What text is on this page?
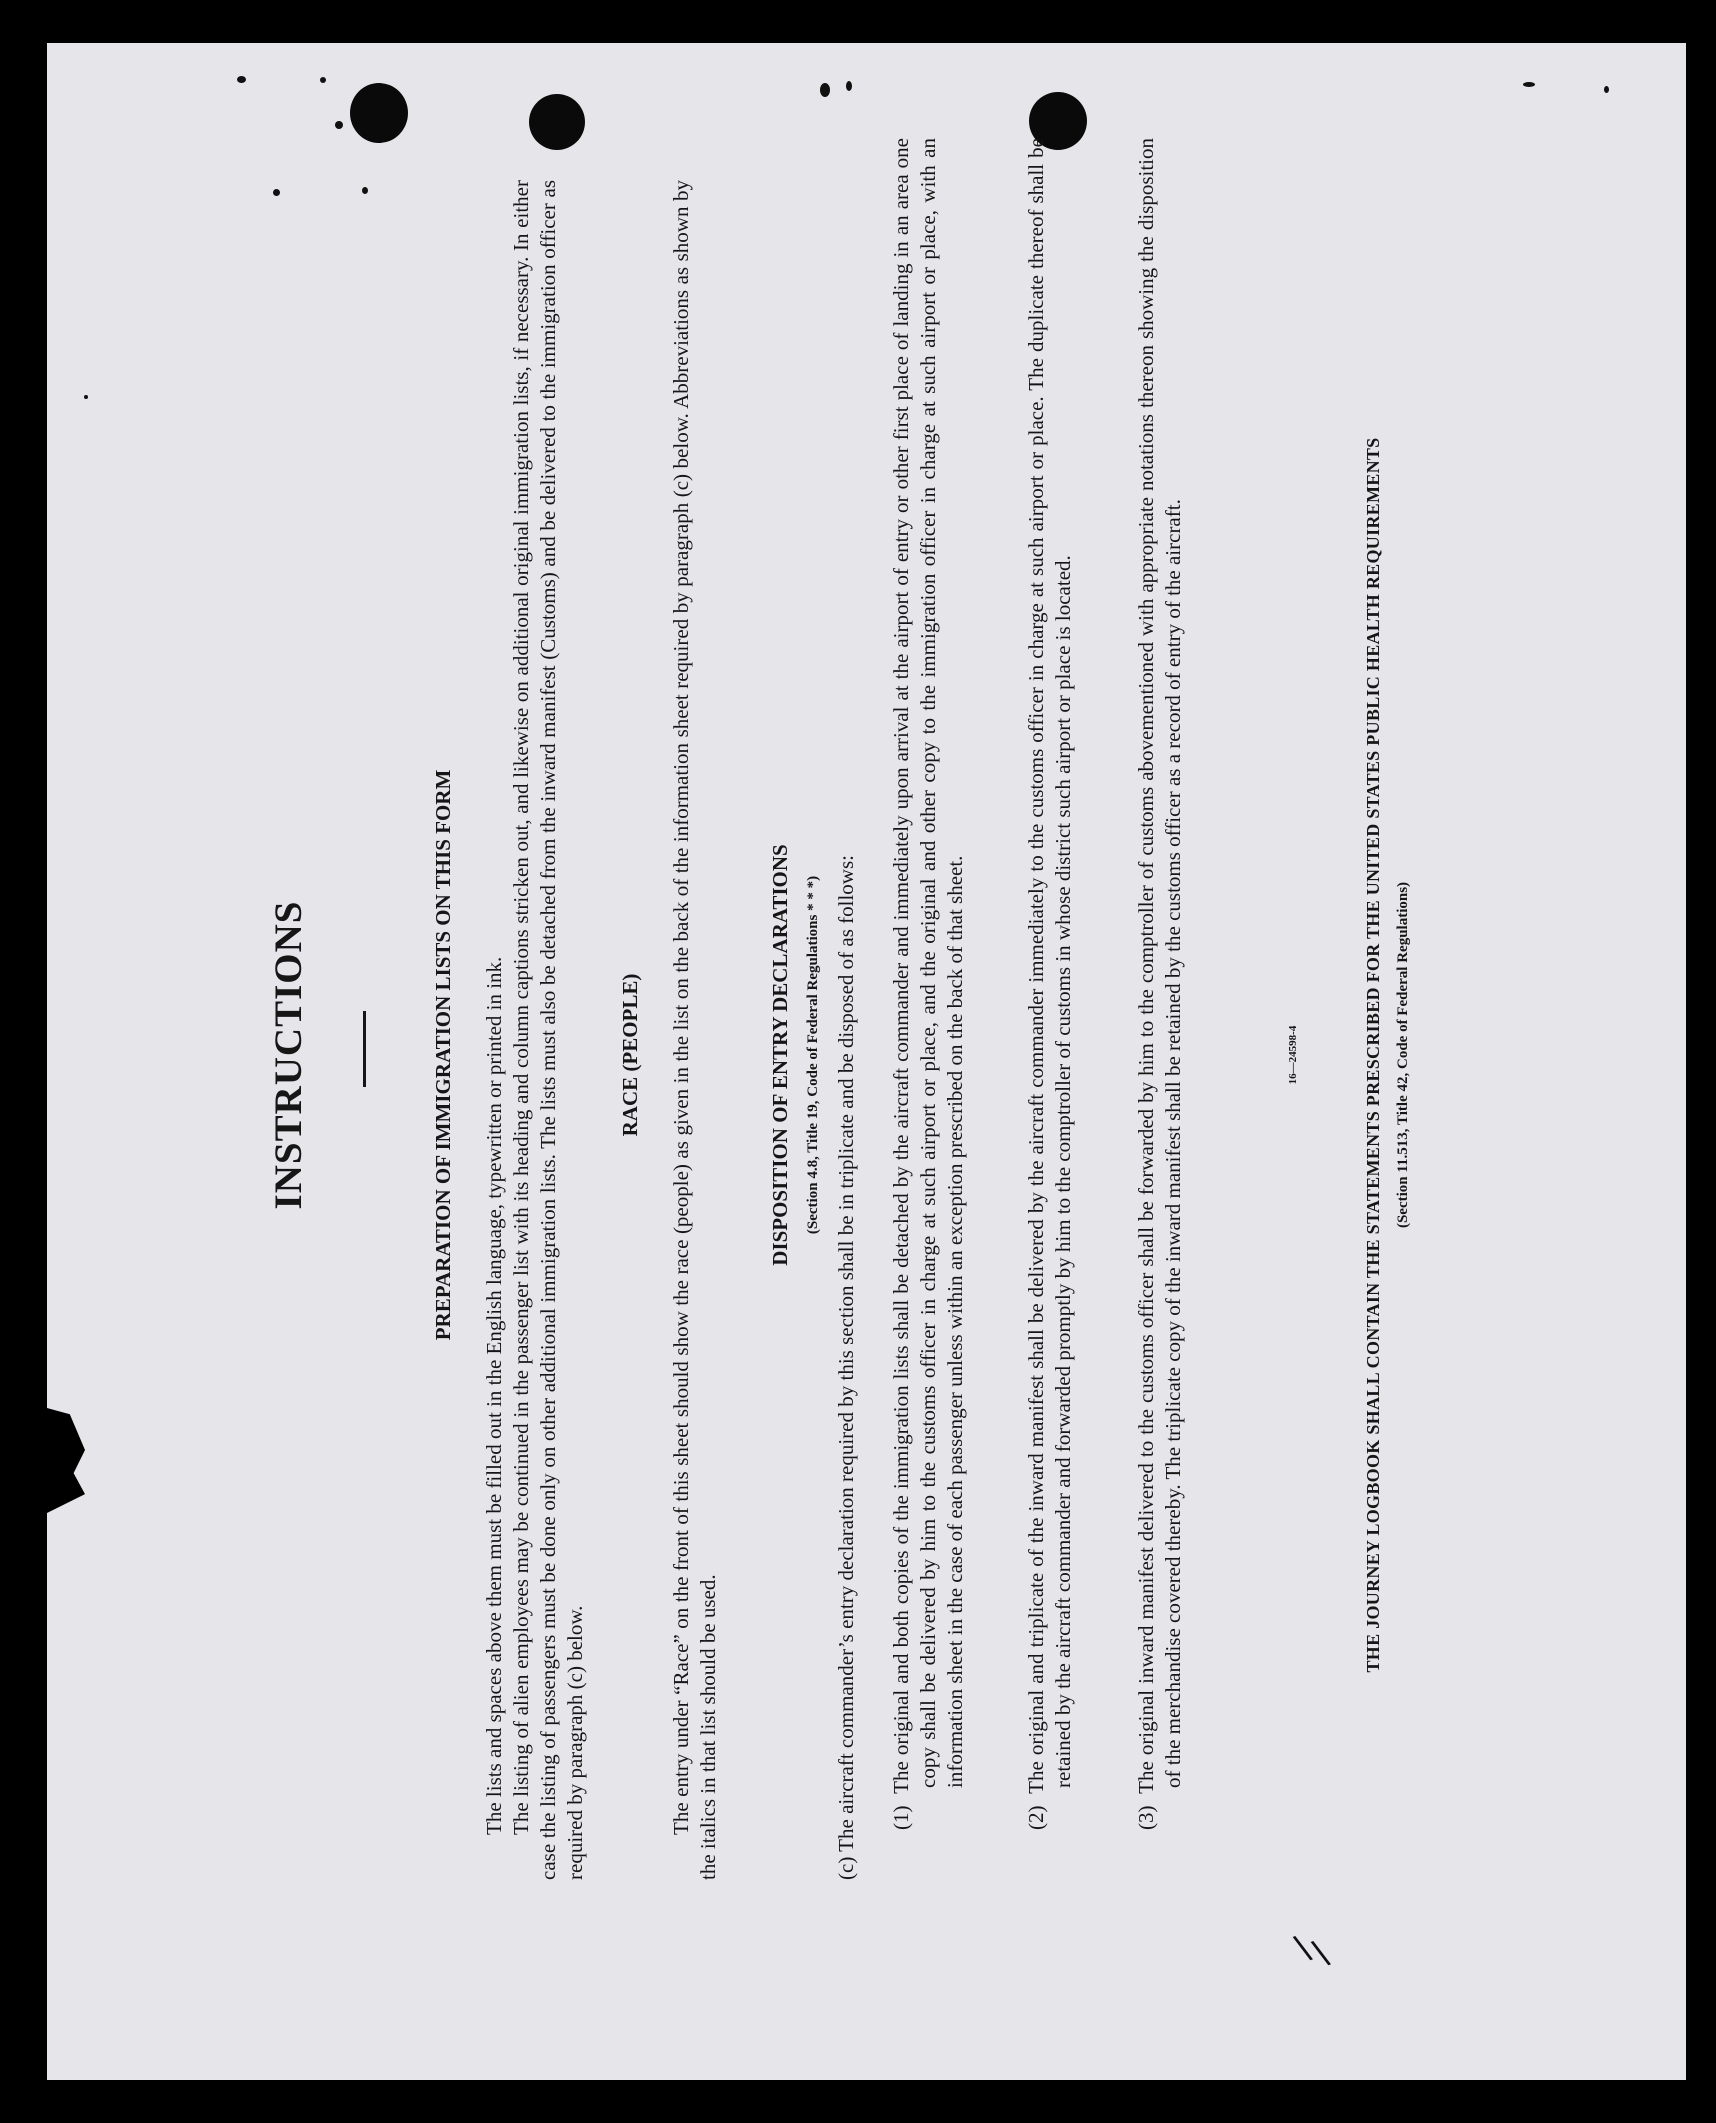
\
\
INSTRUCTIONS	PREPARATION OF IMMIGRATION LISTS ON THIS FORM The lists and spaces above them must be filled out in the English language, typewritten or printed in ink. The listing of alien employees may be continued in the passenger list with its heading and column captions stricken out, and likewise on additional original immigration lists, if necessary. In either case the listing of passengers must be done only on other additional immigration lists. The lists must also be detached from the inward manifest (Customs) and be delivered to the immigration officer as required by paragraph (c) below.
RACE (PEOPLE) The entry under “Race” on the front of this sheet should show the race (people) as given in the list on the back of the information sheet required by paragraph (c) below. Abbreviations as shown by the italics in that list should be used.
DISPOSITION OF ENTRY DECLARATIONS (Section 4.8, Title 19, Code of Federal Regulations * * *) (c) The aircraft commander’s entry declaration required by this section shall be in triplicate and be disposed of as follows: (1)  The original and both copies of the immigration lists shall be detached by the aircraft commander and immediately upon arrival at the airport of entry or other first place of landing in an area one copy shall be delivered by him to the customs officer in charge at such airport or place, and the original and other copy to the immigration officer in charge at such airport or place, with an information sheet in the case of each passenger unless within an exception prescribed on the back of that sheet.
(2)  The original and triplicate of the inward manifest shall be delivered by the aircraft commander immediately to the customs officer in charge at such airport or place. The duplicate thereof shall be retained by the aircraft commander and forwarded promptly by him to the comptroller of customs in whose district such airport or place is located.
(3)  The original inward manifest delivered to the customs officer shall be forwarded by him to the comptroller of customs abovementioned with appropriate notations thereon showing the disposition of the merchandise covered thereby. The triplicate copy of the inward manifest shall be retained by the customs officer as a record of entry of the aircraft.	16—24598-4	THE JOURNEY LOGBOOK SHALL CONTAIN THE STATEMENTS PRESCRIBED FOR THE UNITED STATES PUBLIC HEALTH REQUIREMENTS (Section 11.513, Title 42, Code of Federal Regulations)
